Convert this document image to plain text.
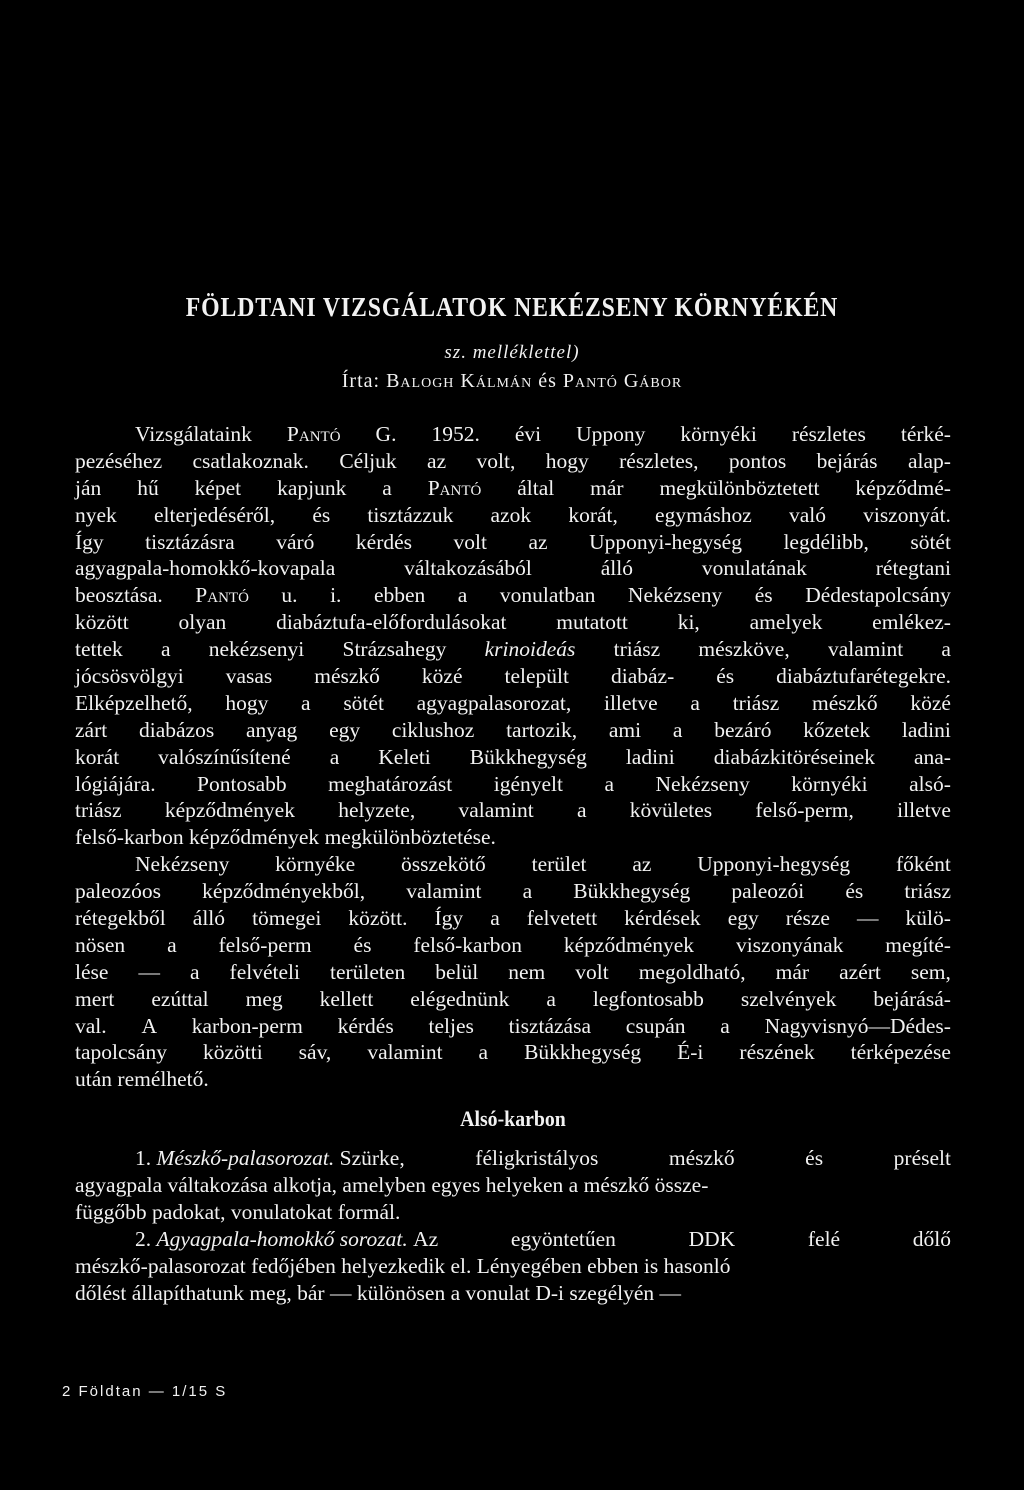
FÖLDTANI VIZSGÁLATOK NEKÉZSENY KÖRNYÉKÉN
sz. melléklettel)
Írta: Balogh Kálmán és Pantó Gábor
Vizsgálataink Pantó G. 1952. évi Uppony környéki részletes térké-
pezéséhez csatlakoznak. Céljuk az volt, hogy részletes, pontos bejárás alap-
ján hű képet kapjunk a Pantó által már megkülönböztetett képződmé-
nyek elterjedéséről, és tisztázzuk azok korát, egymáshoz való viszonyát.
Így tisztázásra váró kérdés volt az Upponyi-hegység legdélibb, sötét
agyagpala-homokkő-kovapala	váltakozásából	álló	vonulatának	rétegtani
beosztása. Pantó u. i. ebben a vonulatban Nekézseny és Dédestapolcsány
között olyan diabáztufa-előfordulásokat mutatott ki, amelyek emlékez-
tettek a nekézsenyi Strázsahegy krinoideás triász mészköve, valamint a
jócsösvölgyi vasas mészkő közé települt diabáz- és diabáztufarétegekre.
Elképzelhető, hogy a sötét agyagpalasorozat, illetve a triász mészkő közé
zárt diabázos anyag egy ciklushoz tartozik, ami a bezáró kőzetek ladini
korát valószínűsítené a Keleti Bükkhegység ladini diabázkitöréseinek ana-
lógiájára. Pontosabb meghatározást igényelt a Nekézseny környéki alsó-
triász képződmények helyzete, valamint a kövületes felső-perm, illetve
felső-karbon
képződmények
megkülönböztetése.
Nekézseny környéke összekötő terület az Upponyi-hegység főként
paleozóos képződményekből, valamint a Bükkhegység paleozói és triász
rétegekből álló tömegei között. Így a felvetett kérdések egy része — külö-
nösen a felső-perm és felső-karbon képződmények viszonyának megíté-
lése — a felvételi területen belül nem volt megoldható, már azért sem,
mert ezúttal meg kellett elégednünk a legfontosabb szelvények bejárásá-
val. A karbon-perm kérdés teljes tisztázása csupán a Nagyvisnyó—Dédes-
tapolcsány közötti sáv, valamint a Bükkhegység É-i részének térképezése
után
remélhető.
Alsó-karbon
1.
Mészkő-palasorozat.
Szürke, féligkristályos mészkő és préselt
agyagpala váltakozása alkotja, amelyben egyes helyeken a mészkő össze-
függőbb padokat, vonulatokat formál.
2.
Agyagpala-homokkő sorozat.
Az egyöntetűen DDK felé dőlő
mészkő-palasorozat fedőjében helyezkedik el. Lényegében ebben is hasonló
dőlést állapíthatunk meg, bár — különösen a vonulat D-i szegélyén —
2 Földtan — 1/15 S
